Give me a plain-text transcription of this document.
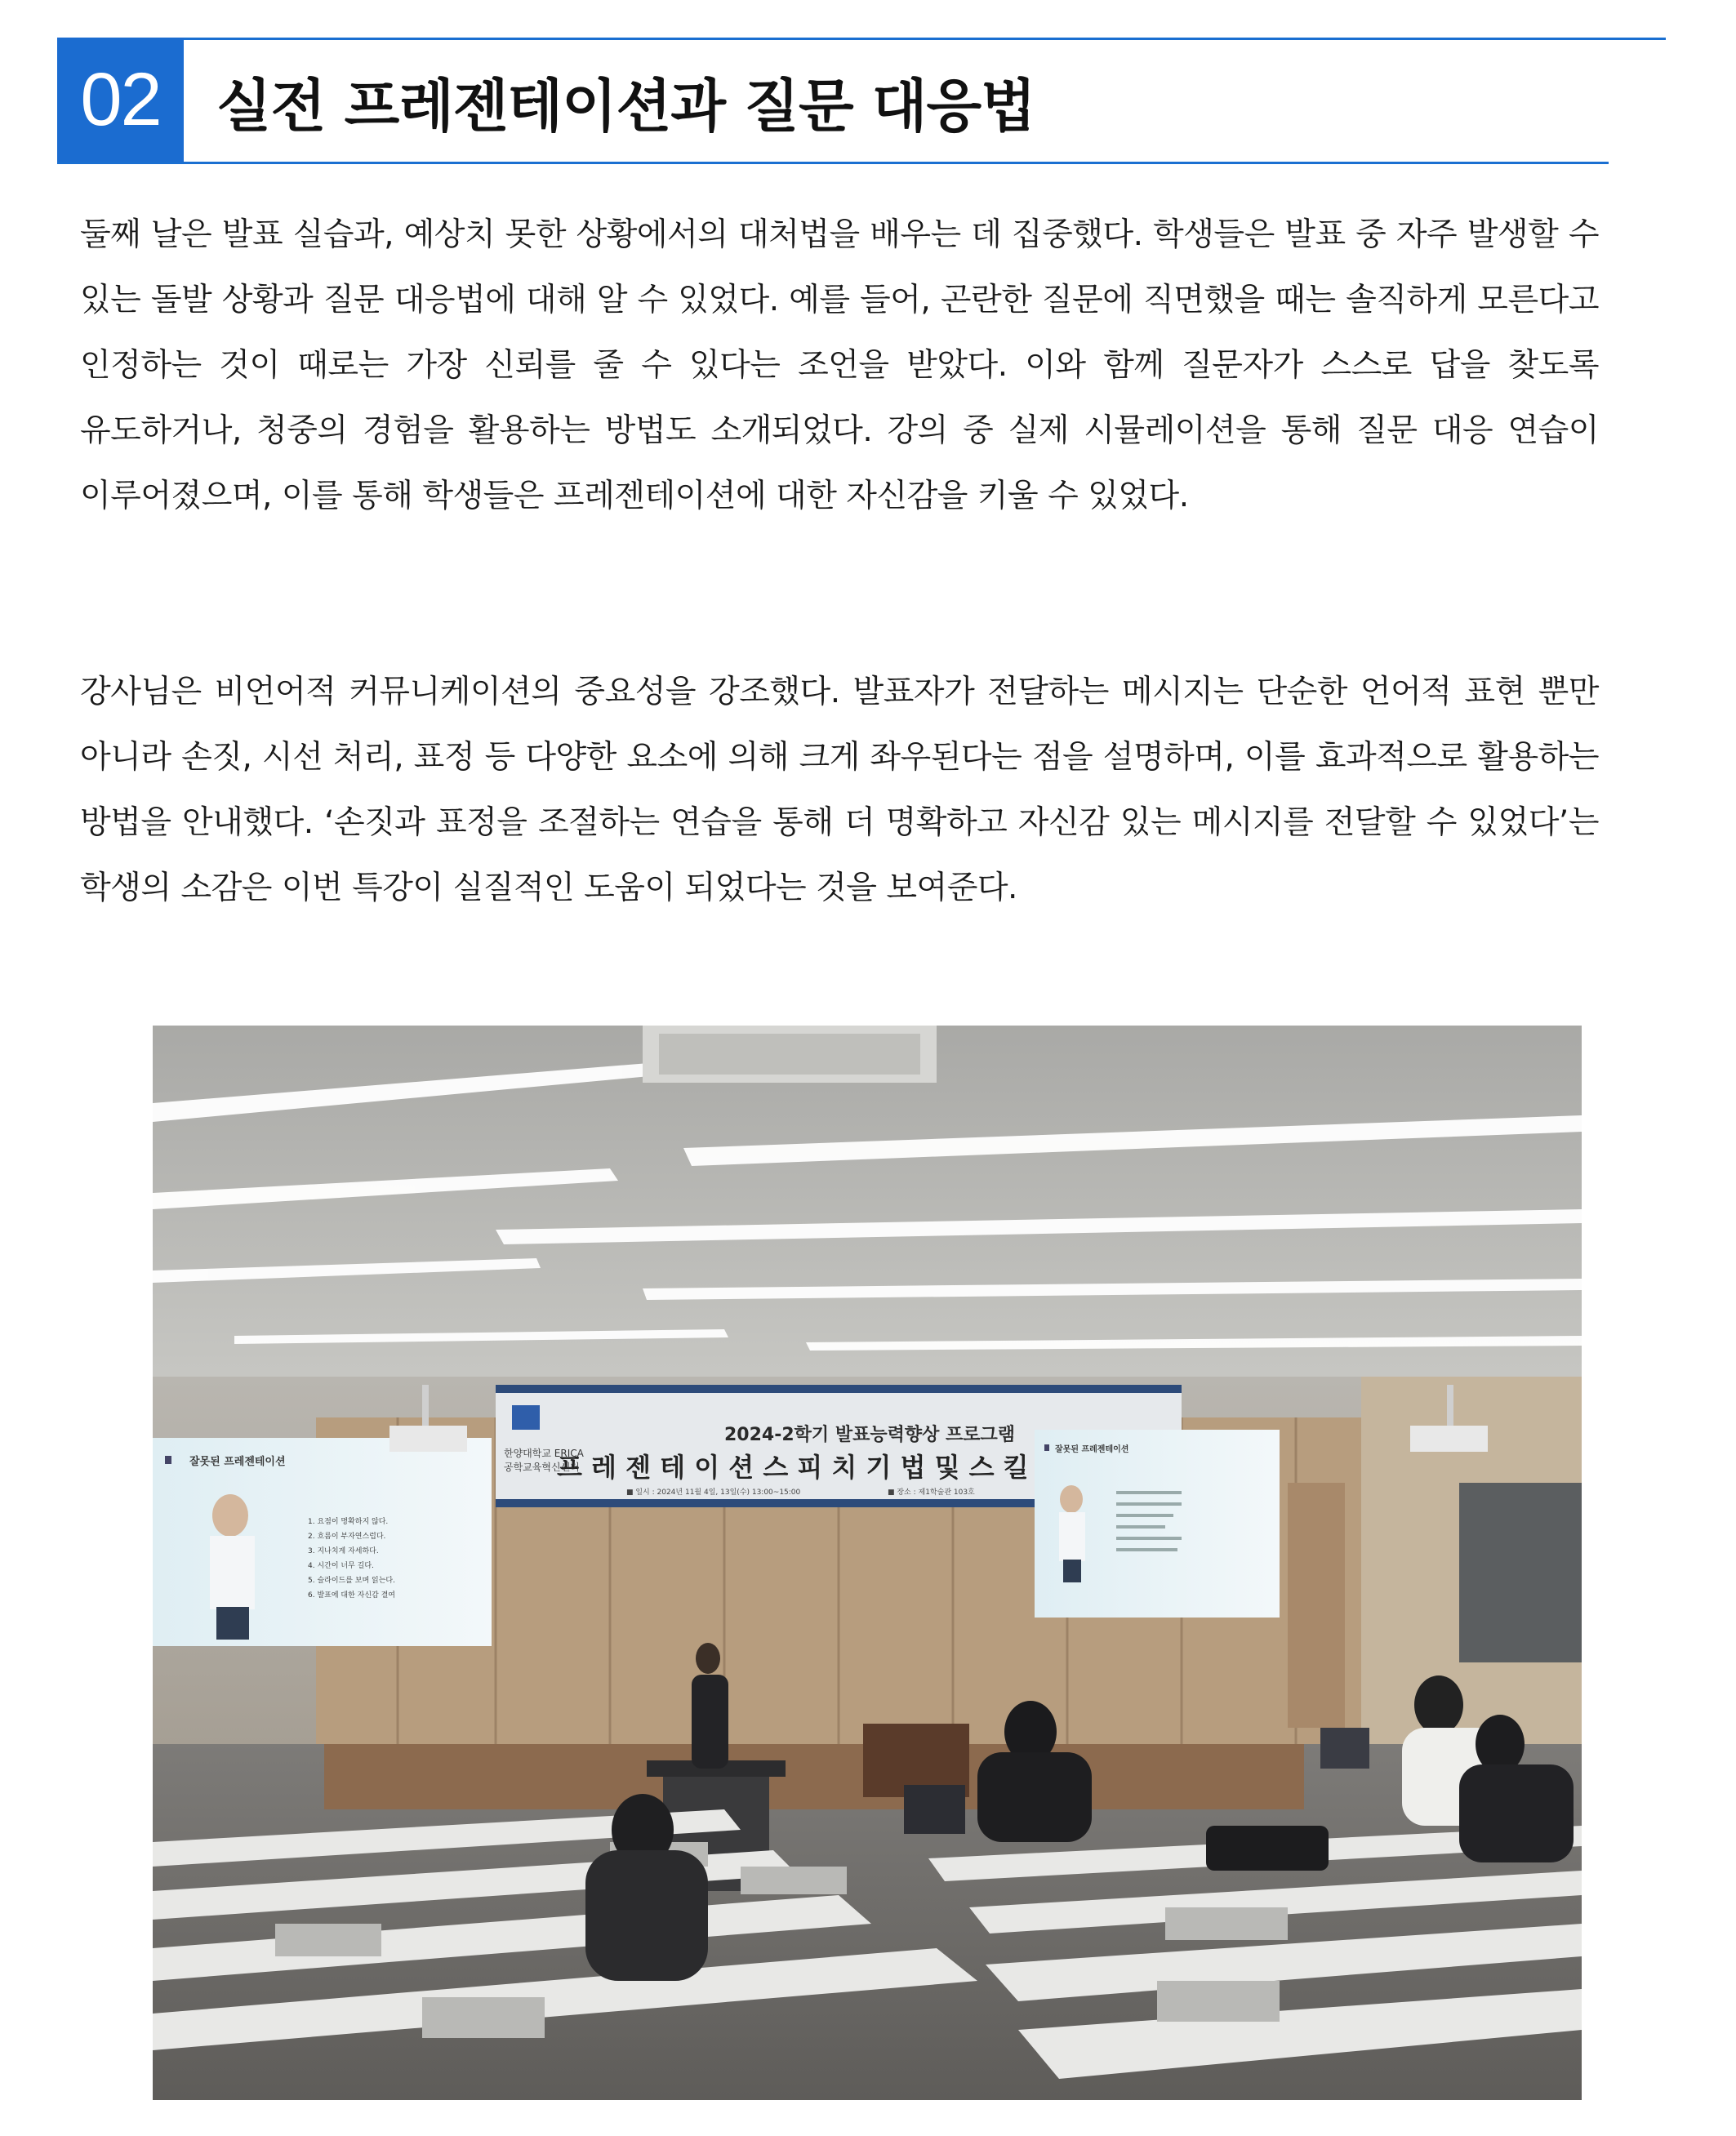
02 실전 프레젠테이션과 질문 대응법

둘째 날은 발표 실습과, 예상치 못한 상황에서의 대처법을 배우는 데 집중했다. 학생들은 발표 중 자주 발생할 수 있는 돌발 상황과 질문 대응법에 대해 알 수 있었다. 예를 들어, 곤란한 질문에 직면했을 때는 솔직하게 모른다고 인정하는 것이 때로는 가장 신뢰를 줄 수 있다는 조언을 받았다. 이와 함께 질문자가 스스로 답을 찾도록 유도하거나, 청중의 경험을 활용하는 방법도 소개되었다. 강의 중 실제 시뮬레이션을 통해 질문 대응 연습이 이루어졌으며, 이를 통해 학생들은 프레젠테이션에 대한 자신감을 키울 수 있었다.

강사님은 비언어적 커뮤니케이션의 중요성을 강조했다. 발표자가 전달하는 메시지는 단순한 언어적 표현 뿐만 아니라 손짓, 시선 처리, 표정 등 다양한 요소에 의해 크게 좌우된다는 점을 설명하며, 이를 효과적으로 활용하는 방법을 안내했다. ‘손짓과 표정을 조절하는 연습을 통해 더 명확하고 자신감 있는 메시지를 전달할 수 있었다’는 학생의 소감은 이번 특강이 실질적인 도움이 되었다는 것을 보여준다.

2024-2학기 발표능력향상 프로그램
프 레 젠 테 이 션 스 피 치 기 법 및 스 킬
한양대학교 ERICA
공학교육혁신센터
■ 일시 : 2024년 11월 4일, 13일(수) 13:00~15:00	■ 장소 : 제1학술관 103호
잘못된 프레젠테이션
1. 요점이 명확하지 않다.
2. 흐름이 부자연스럽다.
3. 지나치게 자세하다.
4. 시간이 너무 길다.
5. 슬라이드를 보며 읽는다.
6. 발표에 대한 자신감 결여
잘못된 프레젠테이션
